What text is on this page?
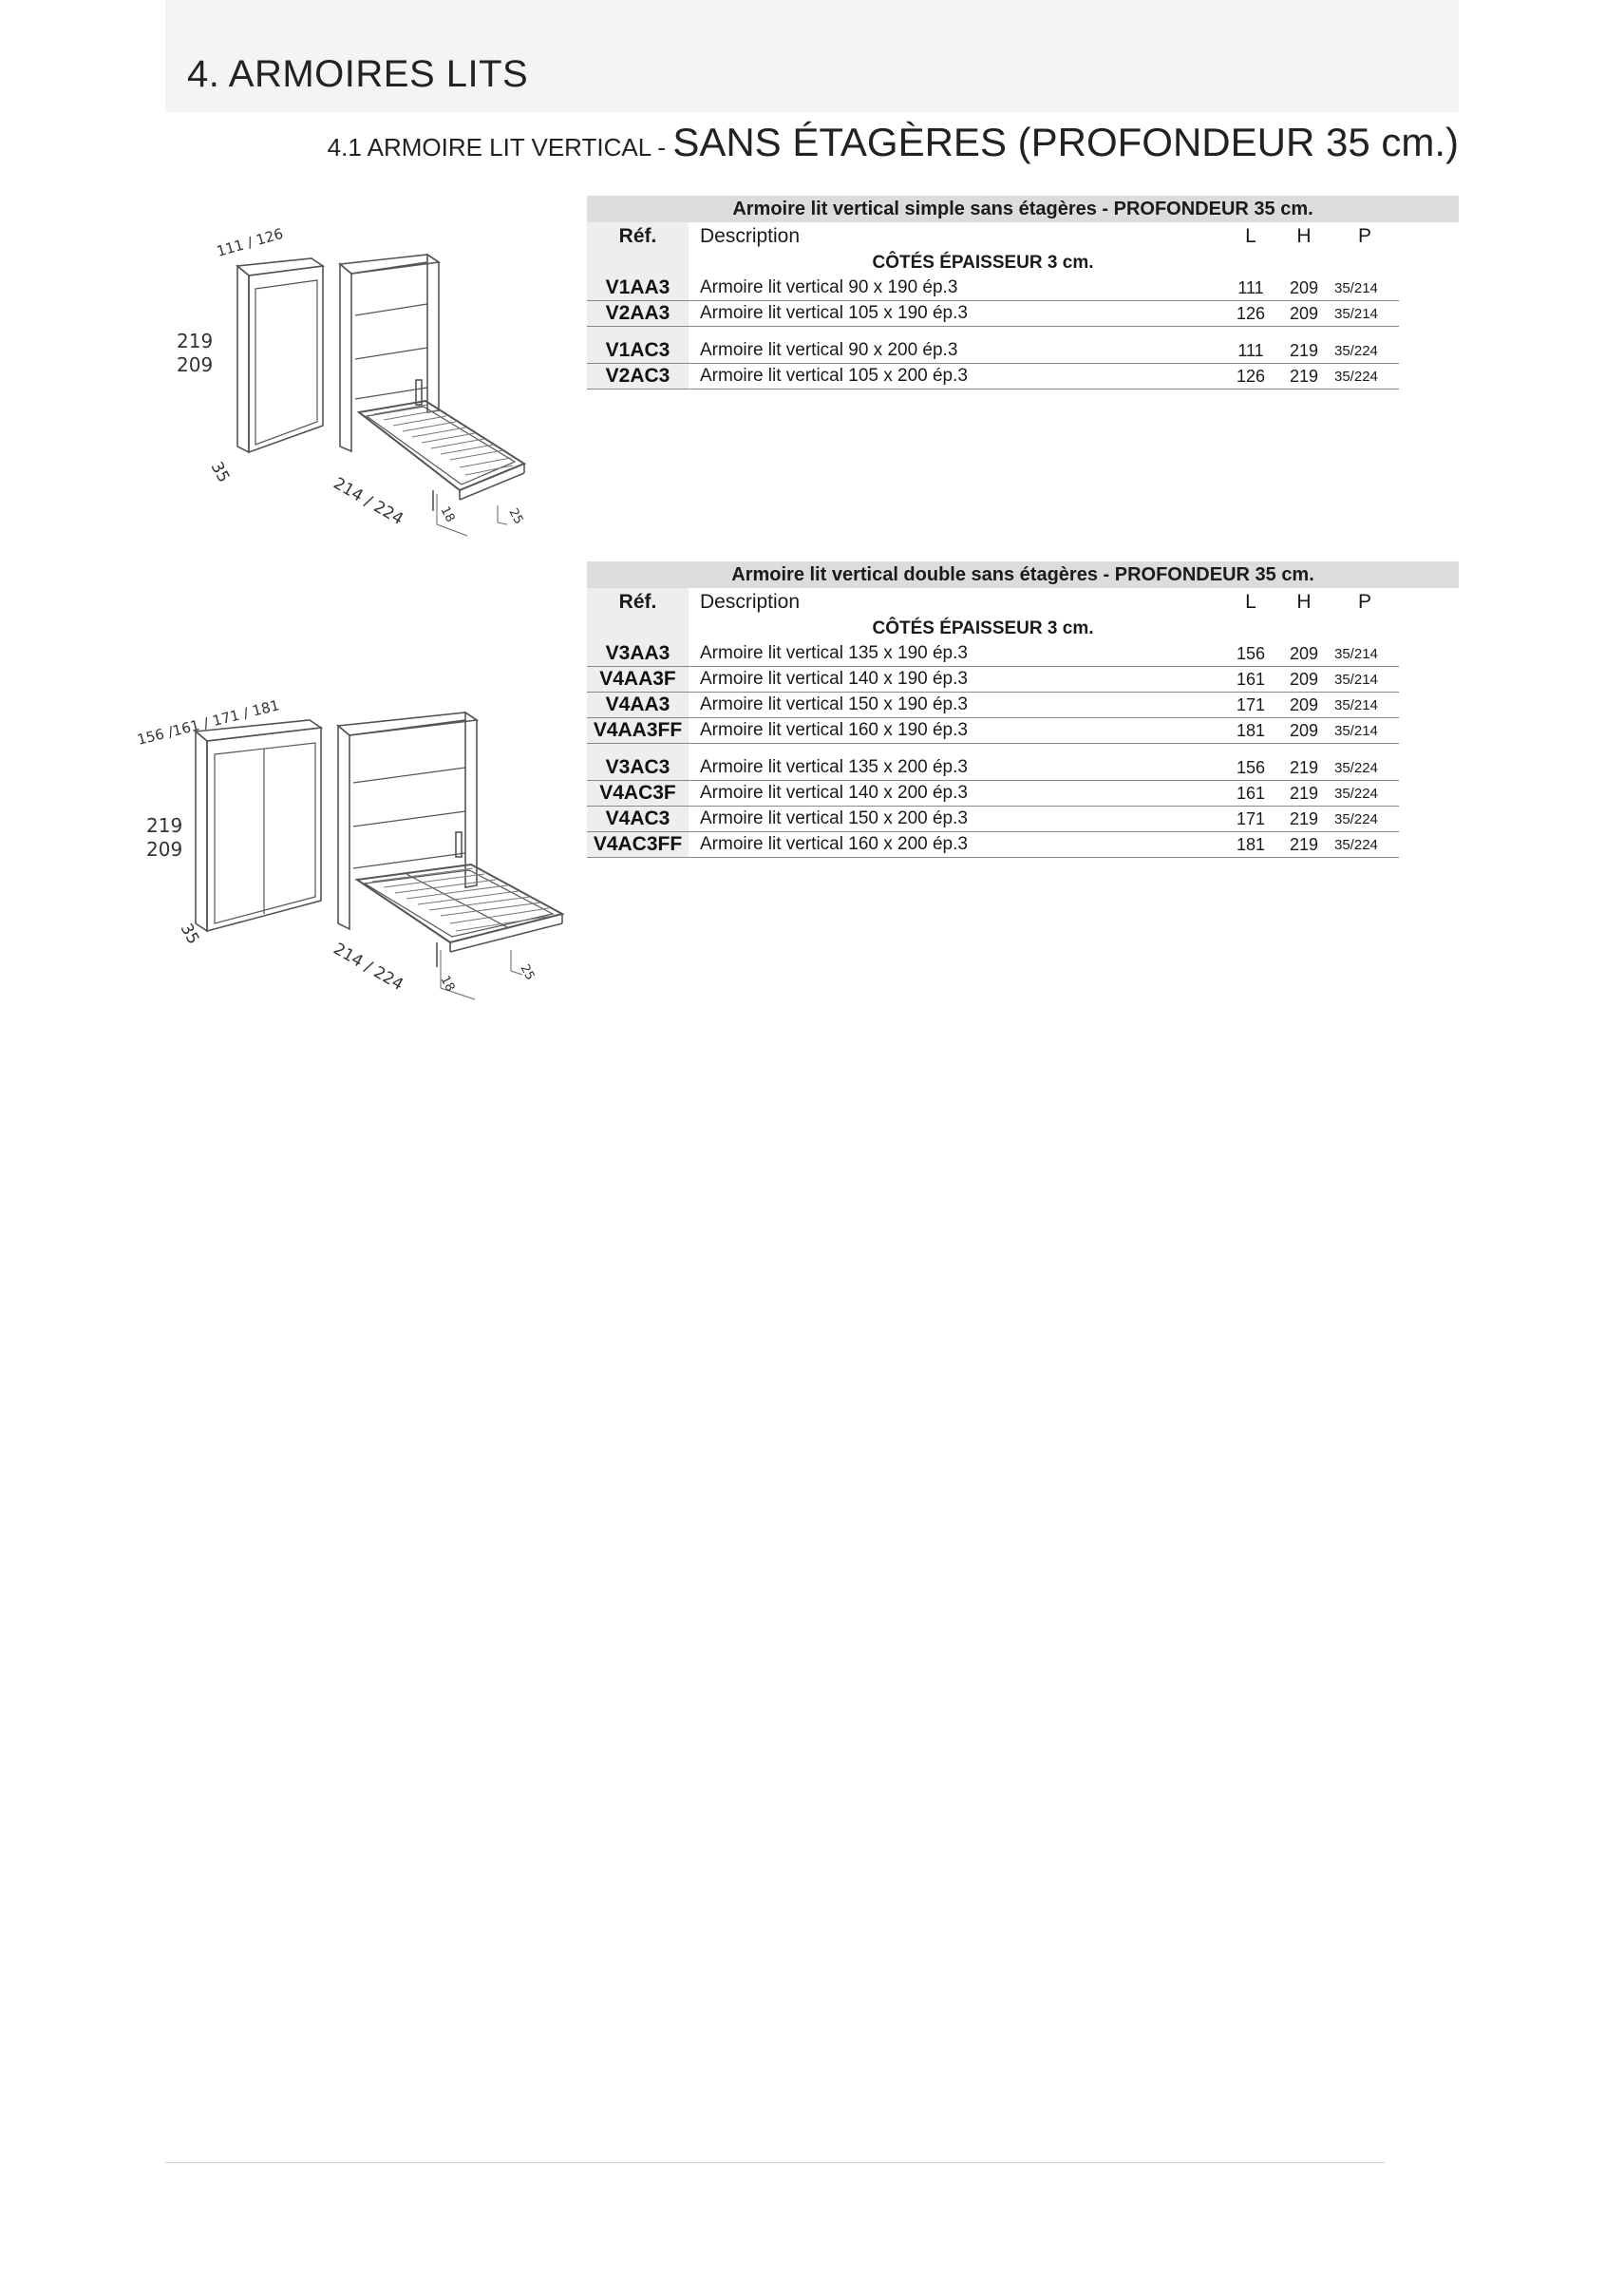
4. ARMOIRES LITS
4.1 ARMOIRE LIT VERTICAL - SANS ÉTAGÈRES (PROFONDEUR 35 cm.)
111 / 126
219
209
35
214 / 224 18	25
156 /161 / 171 / 181
219
209
35
214 / 224 18
25
Armoire lit vertical simple sans étagères - PROFONDEUR 35 cm.					
Réf.	Description	L	H	P	
	CÔTÉS ÉPAISSEUR 3 cm.				
V1AA3	Armoire lit vertical 90 x 190 ép.3	111	209	35/214	
V2AA3	Armoire lit vertical 105 x 190 ép.3	126	209	35/214	

V1AC3	Armoire lit vertical 90 x 200 ép.3	111	219	35/224	
V2AC3	Armoire lit vertical 105 x 200 ép.3	126	219	35/224	
Armoire lit vertical double sans étagères - PROFONDEUR 35 cm.					
Réf.	Description	L	H	P	
	CÔTÉS ÉPAISSEUR 3 cm.				
V3AA3	Armoire lit vertical 135 x 190 ép.3	156	209	35/214	
V4AA3F	Armoire lit vertical 140 x 190 ép.3	161	209	35/214	
V4AA3	Armoire lit vertical 150 x 190 ép.3	171	209	35/214	
V4AA3FF	Armoire lit vertical 160 x 190 ép.3	181	209	35/214	

V3AC3	Armoire lit vertical 135 x 200 ép.3	156	219	35/224	
V4AC3F	Armoire lit vertical 140 x 200 ép.3	161	219	35/224	
V4AC3	Armoire lit vertical 150 x 200 ép.3	171	219	35/224	
V4AC3FF	Armoire lit vertical 160 x 200 ép.3	181	219	35/224	
